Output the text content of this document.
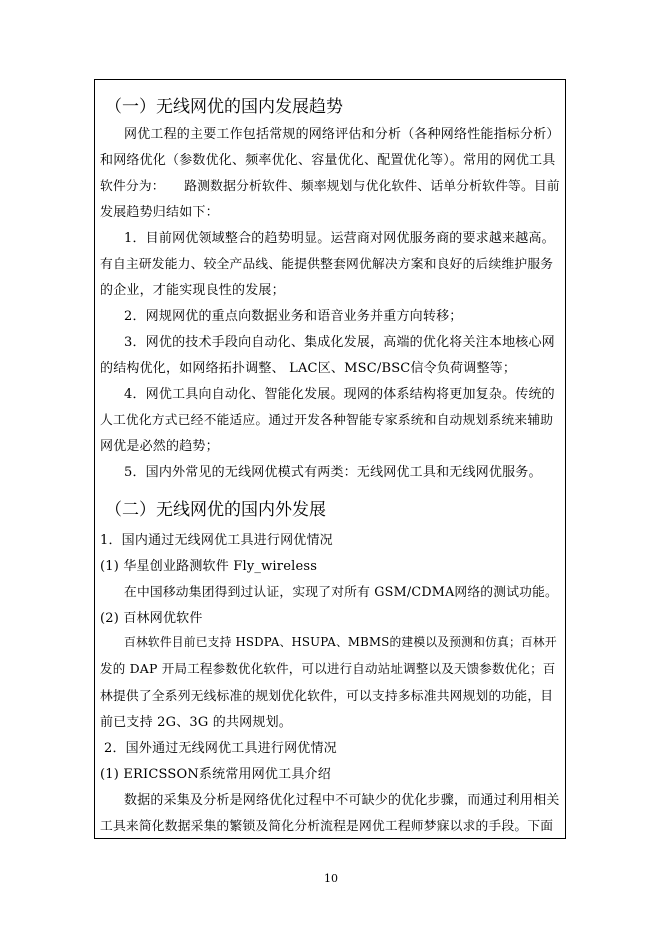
（一）无线网优的国内发展趋势
网优工程的主要工作包括常规的网络评估和分析（各种网络性能指标分析）
和网络优化（参数优化、频率优化、容量优化、配置优化等）。常用的网优工具
软件分为：　　路测数据分析软件、频率规划与优化软件、话单分析软件等。目前
发展趋势归结如下：
1．目前网优领域整合的趋势明显。运营商对网优服务商的要求越来越高。
有自主研发能力、较全产品线、能提供整套网优解决方案和良好的后续维护服务
的企业，才能实现良性的发展；
2．网规网优的重点向数据业务和语音业务并重方向转移；
3．网优的技术手段向自动化、集成化发展，高端的优化将关注本地核心网
的结构优化，如网络拓扑调整、 LAC区、MSC/BSC信令负荷调整等；
4．网优工具向自动化、智能化发展。现网的体系结构将更加复杂。传统的
人工优化方式已经不能适应。通过开发各种智能专家系统和自动规划系统来辅助
网优是必然的趋势；
5．国内外常见的无线网优模式有两类：无线网优工具和无线网优服务。
（二）无线网优的国内外发展
1．国内通过无线网优工具进行网优情况
(1) 华星创业路测软件 Fly_wireless
在中国移动集团得到过认证，实现了对所有 GSM/CDMA网络的测试功能。
(2) 百林网优软件
百林软件目前已支持 HSDPA、HSUPA、MBMS的建模以及预测和仿真；百林开
发的 DAP 开局工程参数优化软件，可以进行自动站址调整以及天馈参数优化；百
林提供了全系列无线标准的规划优化软件，可以支持多标准共网规划的功能，目
前已支持 2G、3G 的共网规划。
2．国外通过无线网优工具进行网优情况
(1) ERICSSON系统常用网优工具介绍
数据的采集及分析是网络优化过程中不可缺少的优化步骤，而通过利用相关
工具来简化数据采集的繁锁及简化分析流程是网优工程师梦寐以求的手段。下面
10
